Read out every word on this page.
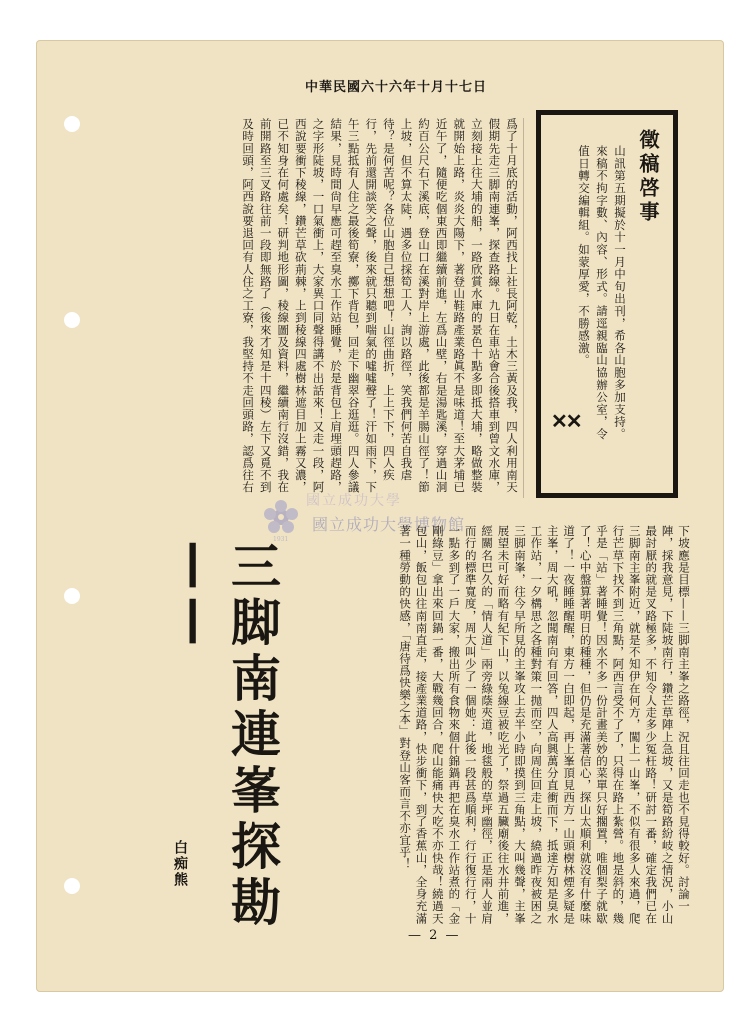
中華民國六十六年十月十七日
爲了十月底的活動，阿西找上社長阿乾，土木三黃及我，四人利用南天假期先走三脚南連峯，探查路線。九日在車站會合後搭車到曾文水庫，立刻接上往大埔的船，一路欣賞水庫的景色十點多即抵大埔，略做整裝就開始上路，炎炎大陽下，著登山鞋路產業路眞不是味道！至大茅埔已近午了，隨便吃個東西即繼續前進，左爲山壁，右是湯匙溪，穿過山洞約百公尺右下溪底，登山口在溪對岸上游處，此後都是羊腸山徑了！節上坡，但不算太陡，遇多位採筍工人，詢以路徑，笑我們何苦自我虐待？是何苦呢？各位山胞自己想想吧！山徑曲折，上上下下，四人疾行，先前還開談笑之聲，後來就只聽到喘氣的噓噓聲了！汗如雨下，下午三點抵有人住之最後筍寮，擲下背包，回走下幽翠谷逛逛。四人參議結果，見時間尙早應可趕至臭水工作站睡覺，於是背包上肩埋頭趕路，之字形陡坡，一口氣衝上，大家異口同聲得講不出話來！又走一段，阿西說要衝下稜線，鑽芒草砍荊棘，上到稜線四處樹林遮目加上霧又濃，已不知身在何處矣！研判地形圖，稜線圖及資料，繼續南行沒錯，我在前開路至三叉路往前一段即無路了（後來才知是十四稜）左下又覓不到及時回頭，阿西說要退回有人住之工寮，我堅持不走回頭路，認爲往右	徵稿啓事
山訊第五期擬於十一月中旬出刊，希各山胞多加支持。來稿不拘字數、內容、形式。請逕親臨山協辦公室，令值日轉交編輯組。如蒙厚愛，不勝感激。
✕✕
1931
國立成功大學
國立成功大學博物館
三脚南連峯探勘——
白痴熊	下坡應是目標——三脚南主峯之路徑，況且往回走也不見得較好。討論一陣，採我意見，下陡坡南行，鑽芒草陣上急坡，又是筍路紛岐之情況，小山最討厭的就是叉路極多，不知令人走多少冤枉路！研討一番，確定我們已在三脚南主峯附近，就是不知伊在何方，闖上一山峯，不似有很多人來過，爬行芒草下找不到三角點，阿西言受不了了，只得在路上紮營。地是斜的，幾乎是「站」著睡覺！因水不多一份計畫美妙的菜單只好擱置，唯個梨子就歇了！心中盤算著明日的種種，但仍是充滿著信心，探山太順利就沒有什麼味道了！一夜睡睡醒醒，東方一白即起，再上峯頂見西方一山頭樹林煙多疑是主峯，周大吼，忽聞南向有回答，四人高興萬分直衝而下，抵達方知是臭水工作站，一夕構思之各種對策一抛而空，向周住回走上坡，繞過昨夜被困之三脚南峯，往今早所見的主峯攻上去半小時即摸到三角點，大叫幾聲，主峯展望未可好而略有紀下山，以兔線豆被吃光了，祭過五臟廟後往水井前進，經關名巴久的「情人道」兩旁綠蔭夾道，地毯般的草坪幽徑，正是兩人並肩而行的標準寬度，周大叫少了一個她：此後一段甚爲順利，行行復行行，十一點多到了一戶大家，搬出所有食物來個什錦鍋再把在臭水工作站煮的「金剛綠豆」拿出來回鍋一番，大戰幾回合，爬山能痛快大吃不亦快哉！繞過天包山，飯包山往南南直走，接產業道路，快步衝下，到了香蕉山，全身充滿著一種勞動的快感，「唐待爲快樂之本」對登山客而言不亦宜乎！
— 2 —
